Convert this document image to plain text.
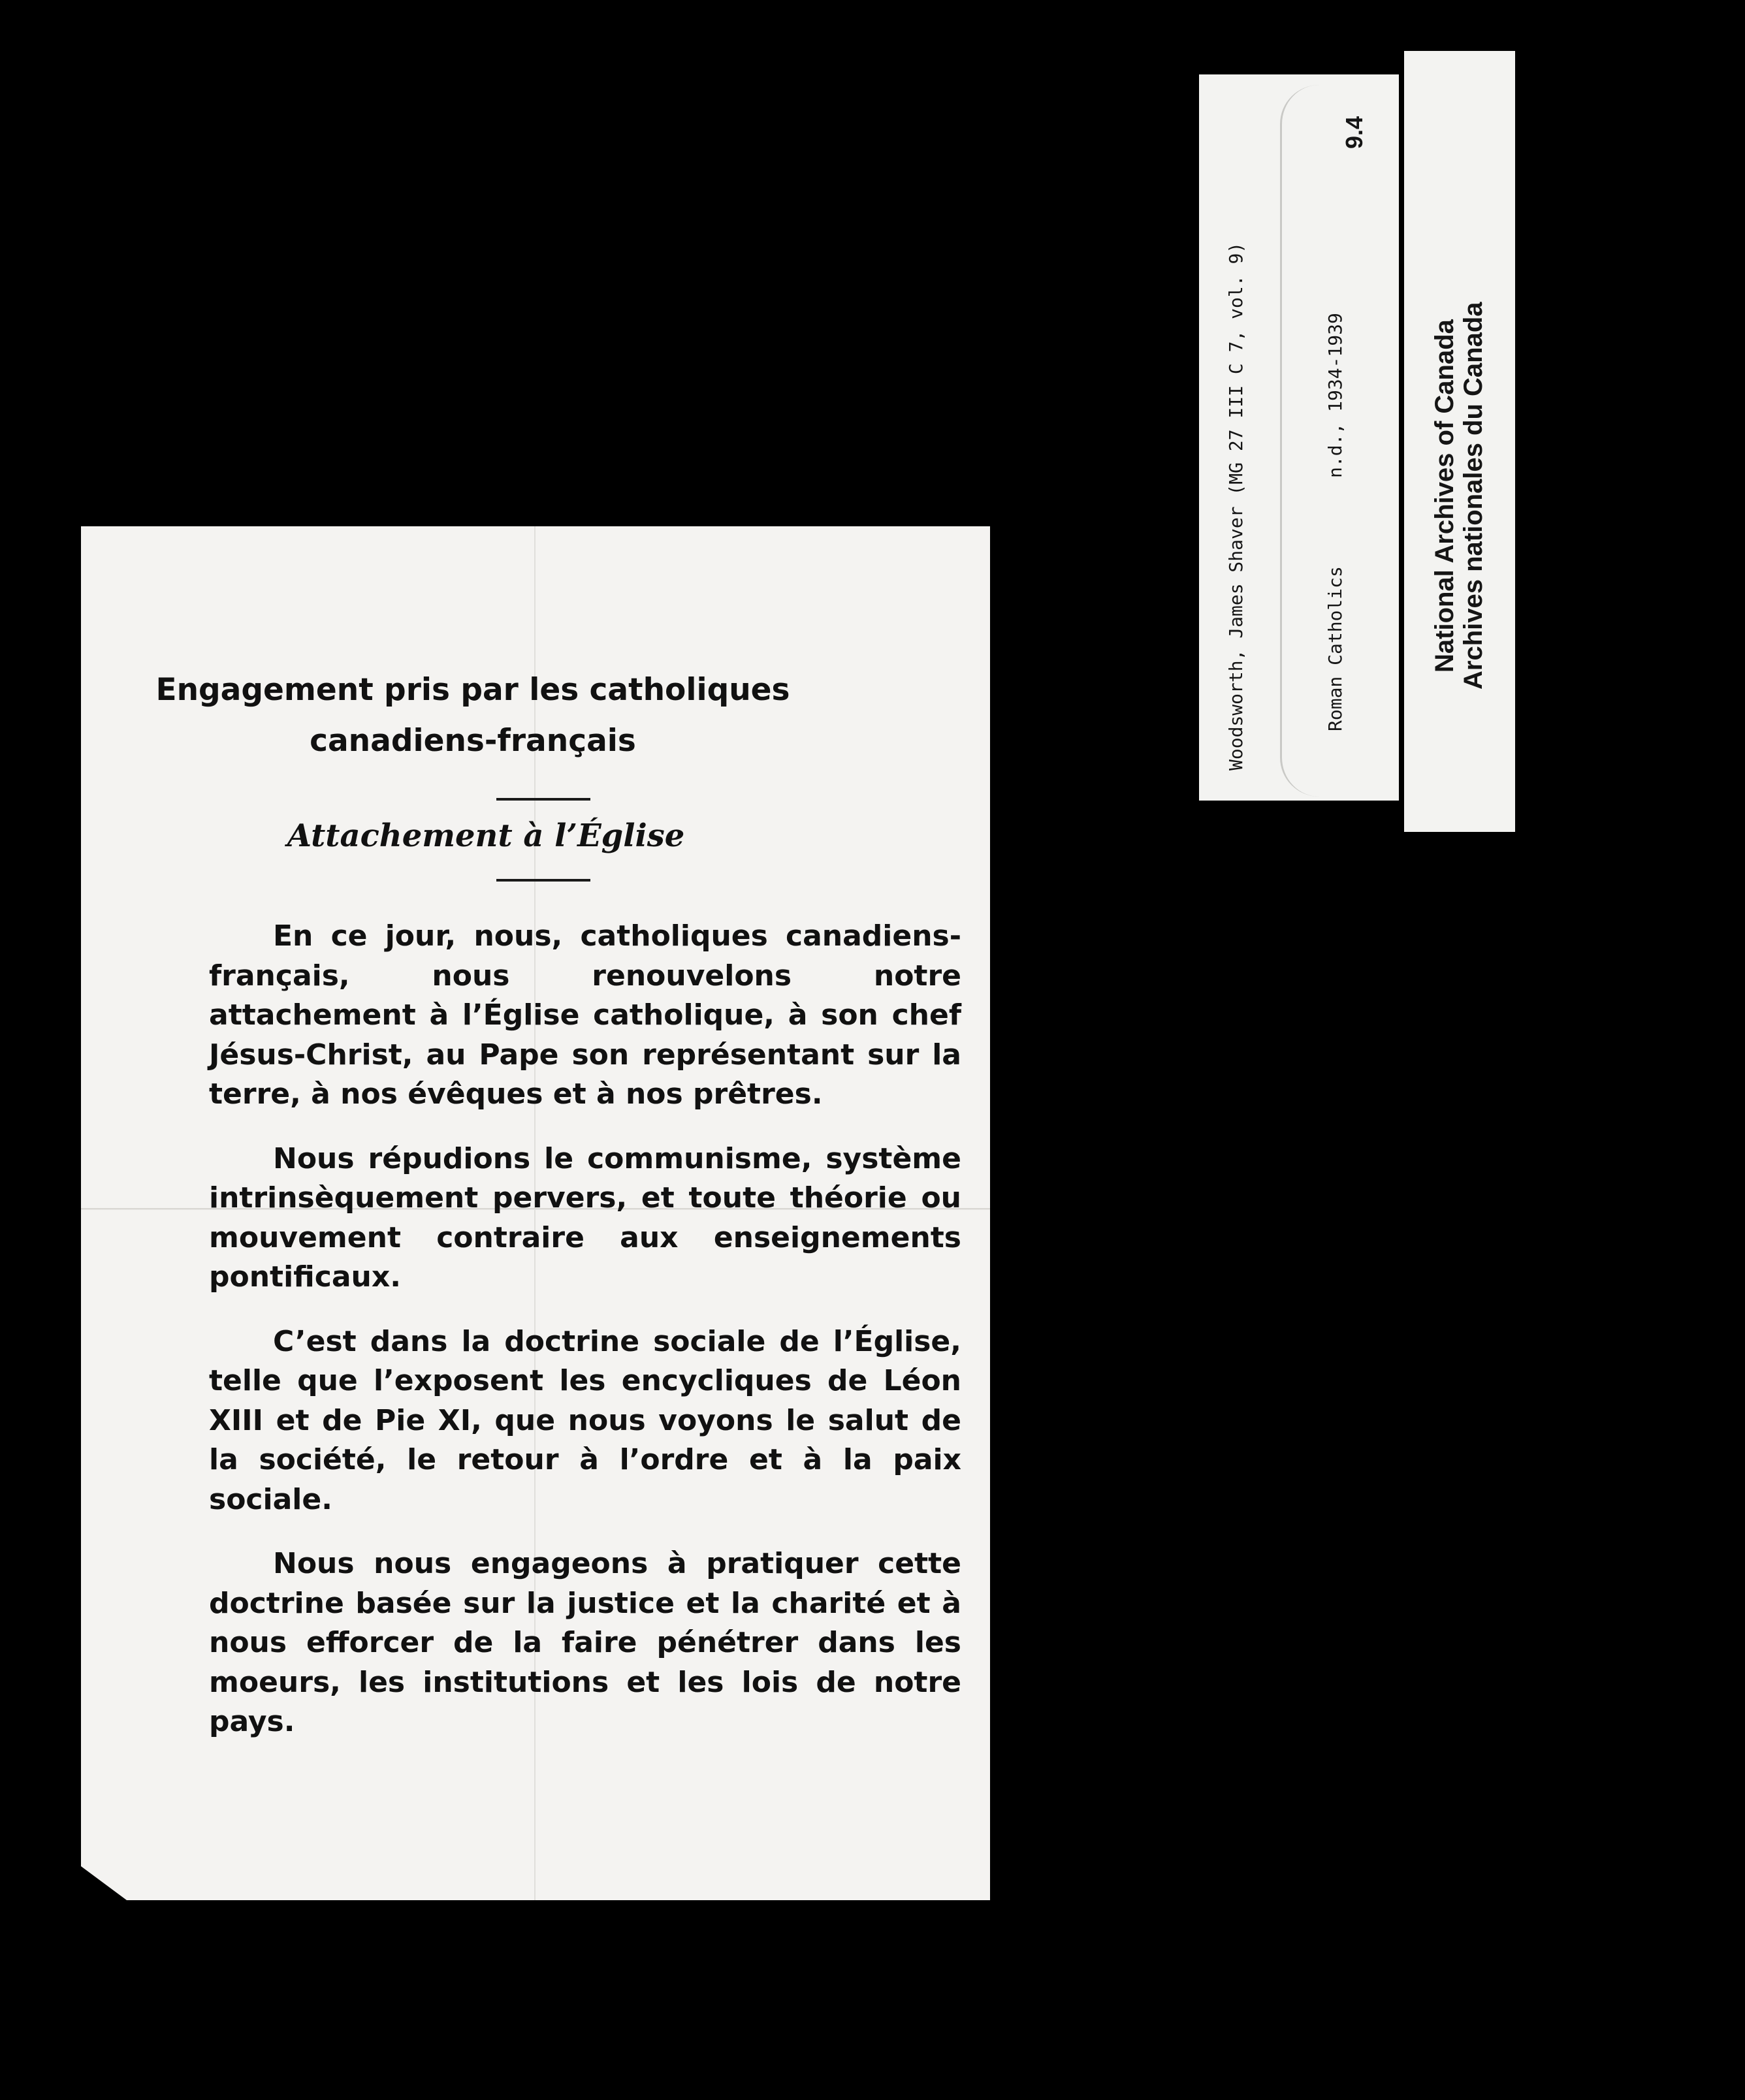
Engagement pris par les catholiques
canadiens-français
Attachement à l’Église

En ce jour, nous, catholiques canadiens-français, nous renouvelons notre attachement à l’Église catholique, à son chef Jésus-Christ, au Pape son représentant sur la terre, à nos évêques et à nos prêtres.

Nous répudions le communisme, système intrinsèquement pervers, et toute théorie ou mouvement contraire aux enseignements pontificaux.

C’est dans la doctrine sociale de l’Église, telle que l’exposent les encycliques de Léon XIII et de Pie XI, que nous voyons le salut de la société, le retour à l’ordre et à la paix sociale.

Nous nous engageons à pratiquer cette doctrine basée sur la justice et la charité et à nous efforcer de la faire pénétrer dans les moeurs, les institutions et les lois de notre pays.

Woodsworth, James Shaver (MG 27 III C 7, vol. 9)	Roman Catholics
n.d., 1934-1939
9.4
National Archives of Canada Archives nationales du Canada
